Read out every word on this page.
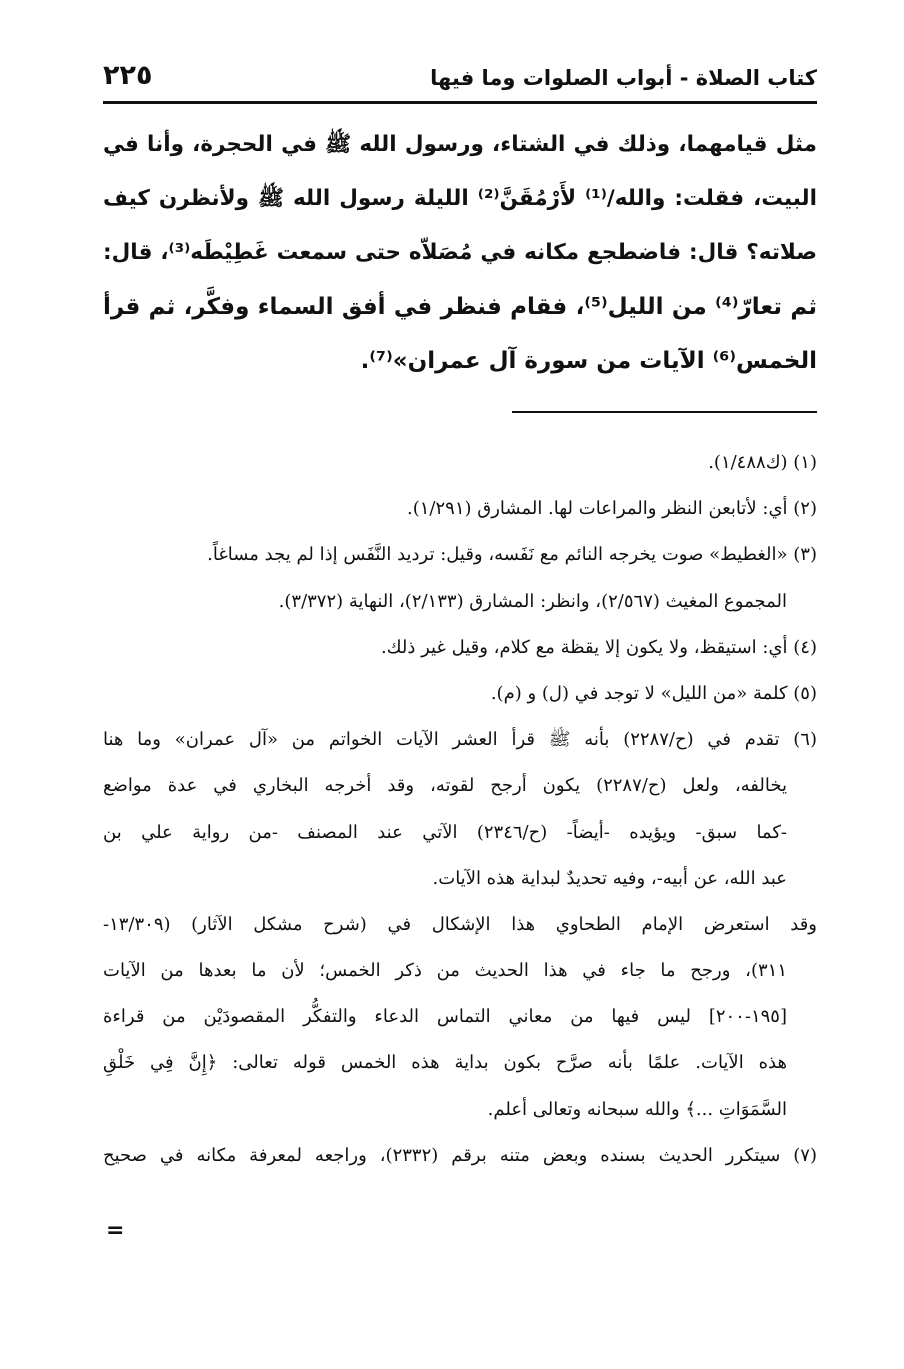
كتاب الصلاة - أبواب الصلوات وما فيها
٢٢٥
مثل قيامهما، وذلك في الشتاء، ورسول الله ﷺ في الحجرة، وأنا في
البيت، فقلت: والله/⁽¹⁾ لأَرْمُقَنَّ⁽²⁾ الليلة رسول الله ﷺ ولأنظرن كيف
صلاته؟ قال: فاضطجع مكانه في مُصَلاّه حتى سمعت غَطِيْطَه⁽³⁾، قال:
ثم تعارّ⁽⁴⁾ من الليل⁽⁵⁾، فقام فنظر في أفق السماء وفكَّر، ثم قرأ
الخمس⁽⁶⁾ الآيات من سورة آل عمران»⁽⁷⁾.
(١) (ك١/٤٨٨).
(٢) أي: لأتابعن النظر والمراعات لها. المشارق (١/٢٩١).
(٣) «الغطيط» صوت يخرجه النائم مع نَفَسه، وقيل: ترديد النَّفَس إذا لم يجد مساغاً.
المجموع المغيث (٢/٥٦٧)، وانظر: المشارق (٢/١٣٣)، النهاية (٣/٣٧٢).
(٤) أي: استيقظ، ولا يكون إلا يقظة مع كلام، وقيل غير ذلك.
(٥) كلمة «من الليل» لا توجد في (ل) و (م).
(٦) تقدم في (ح/٢٢٨٧) بأنه ﷺ قرأ العشر الآيات الخواتم من «آل عمران» وما هنا
يخالفه، ولعل (ح/٢٢٨٧) يكون أرجح لقوته، وقد أخرجه البخاري في عدة مواضع
-كما سبق- ويؤيده -أيضاً- (ح/٢٣٤٦) الآتي عند المصنف -من رواية علي بن
عبد الله، عن أبيه-، وفيه تحديدٌ لبداية هذه الآيات.
وقد استعرض الإمام الطحاوي هذا الإشكال في (شرح مشكل الآثار) (١٣/٣٠٩-
٣١١)، ورجح ما جاء في هذا الحديث من ذكر الخمس؛ لأن ما بعدها من الآيات
[١٩٥-٢٠٠] ليس فيها من معاني التماس الدعاء والتفكُّر المقصودَيْن من قراءة
هذه الآيات. علمًا بأنه صرَّح بكون بداية هذه الخمس قوله تعالى: ﴿إِنَّ فِي خَلْقِ
السَّمَوَاتِ ...﴾ والله سبحانه وتعالى أعلم.
(٧) سيتكرر الحديث بسنده وبعض متنه برقم (٢٣٣٢)، وراجعه لمعرفة مكانه في صحيح
=
